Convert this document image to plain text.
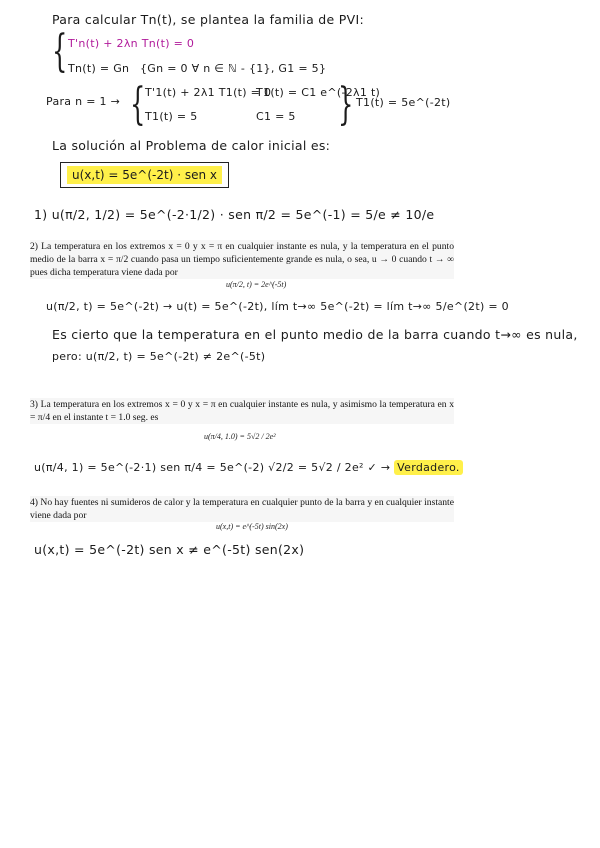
Para calcular Tn(t), se plantea la familia de PVI:
{ T'n(t) + 2λn Tn(t) = 0
Tn(t) = Gn {Gn = 0 ∀ n ∈ ℕ - {1}, G1 = 5}
Para n = 1 → { T'1(t) + 2λ1 T1(t) = 0
T1(t) = 5
T1(t) = C1 e^(-2λ1 t)
C1 = 5 } T1(t) = 5e^(-2t)
La solución al Problema de calor inicial es:
u(x,t) = 5e^(-2t) · sen x
1) u(π/2, 1/2) = 5e^(-2·1/2) · sen π/2 = 5e^(-1) = 5/e ≠ 10/e
2) La temperatura en los extremos x = 0 y x = π en cualquier instante es nula, y la temperatura en el punto medio de la barra x = π/2 cuando pasa un tiempo suficientemente grande es nula, o sea, u → 0 cuando t → ∞ pues dicha temperatura viene dada por
u(π/2, t) = 2e^(-5t)
u(π/2, t) = 5e^(-2t) → u(t) = 5e^(-2t), lím t→∞ 5e^(-2t) = lím t→∞ 5/e^(2t) = 0
Es cierto que la temperatura en el punto medio de la barra cuando t→∞ es nula,
pero: u(π/2, t) = 5e^(-2t) ≠ 2e^(-5t)
3) La temperatura en los extremos x = 0 y x = π en cualquier instante es nula, y asimismo la temperatura en x = π/4 en el instante t = 1.0 seg. es
u(π/4, 1.0) = 5√2 / 2e²
u(π/4, 1) = 5e^(-2·1) sen π/4 = 5e^(-2) √2/2 = 5√2 / 2e² ✓ → Verdadero.
4) No hay fuentes ni sumideros de calor y la temperatura en cualquier punto de la barra y en cualquier instante viene dada por
u(x,t) = e^(-5t) sin(2x)
u(x,t) = 5e^(-2t) sen x ≠ e^(-5t) sen(2x)
